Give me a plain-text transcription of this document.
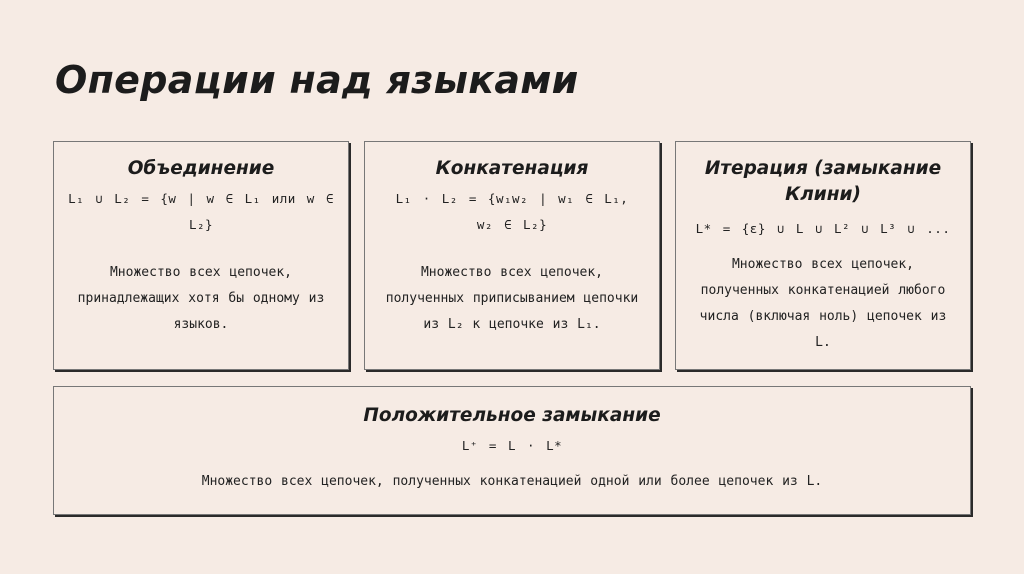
Операции над языками
Объединение
L₁ ∪ L₂ = {w | w ∈ L₁ или w ∈ L₂}
Множество всех цепочек, принадлежащих хотя бы одному из языков.
Конкатенация
L₁ · L₂ = {w₁w₂ | w₁ ∈ L₁, w₂ ∈ L₂}
Множество всех цепочек, полученных приписыванием цепочки из L₂ к цепочке из L₁.
Итерация (замыкание Клини)
L* = {ε} ∪ L ∪ L² ∪ L³ ∪ ...
Множество всех цепочек, полученных конкатенацией любого числа (включая ноль) цепочек из L.
Положительное замыкание
L⁺ = L · L*
Множество всех цепочек, полученных конкатенацией одной или более цепочек из L.
